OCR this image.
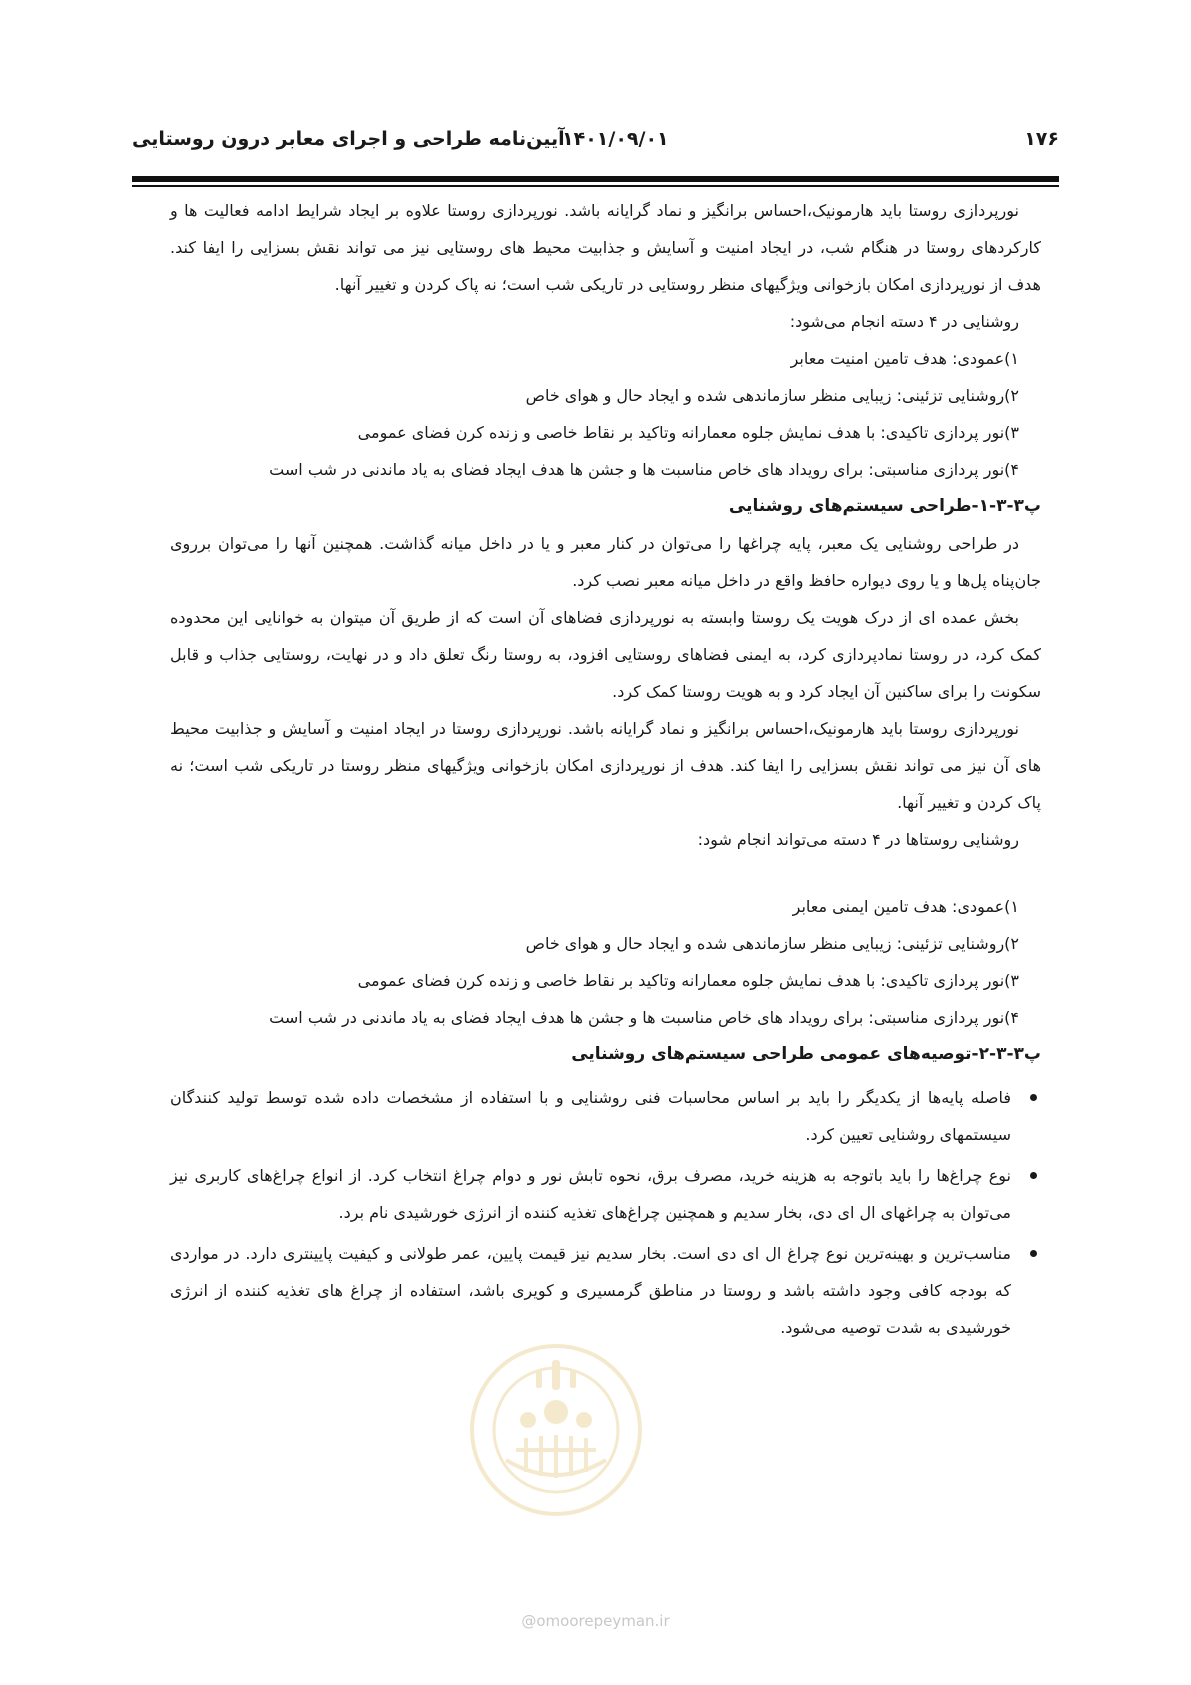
آیین‌نامه طراحی و اجرای معابر درون روستایی
۱۴۰۱/۰۹/۰۱	۱۷۶

نورپردازی روستا باید هارمونیک،احساس برانگیز و نماد گرایانه باشد. نورپردازی روستا علاوه بر ایجاد شرایط ادامه فعالیت ها و کارکردهای روستا در هنگام شب، در ایجاد امنیت و آسایش و جذابیت محیط های روستایی نیز می تواند نقش بسزایی را ایفا کند. هدف از نورپردازی امکان بازخوانی ویژگیهای منظر روستایی در تاریکی شب است؛ نه پاک کردن و تغییر آنها.

روشنایی در ۴ دسته انجام می‌شود:

۱)عمودی: هدف تامین امنیت معابر

۲)روشنایی تزئینی: زیبایی منظر سازماندهی شده و ایجاد حال و هوای خاص

۳)نور پردازی تاکیدی: با هدف نمایش جلوه معمارانه وتاکید بر نقاط خاصی و زنده کرن فضای عمومی

۴)نور پردازی مناسبتی: برای رویداد های خاص مناسبت ها و جشن ها هدف ایجاد فضای به یاد ماندنی در شب است

پ۳-۳-۱-طراحی سیستم‌های روشنایی

در طراحی روشنایی یک معبر، پایه چراغها را می‌توان در کنار معبر و یا در داخل میانه گذاشت. همچنین آنها را می‌توان برروی جان‌پناه پل‌ها و یا روی دیواره حافظ واقع در داخل میانه معبر نصب کرد.

بخش عمده ای از درک هویت یک روستا وابسته به نورپردازی فضاهای آن است که از طریق آن میتوان به خوانایی این محدوده کمک کرد، در روستا نمادپردازی کرد، به ایمنی فضاهای روستایی افزود، به روستا رنگ تعلق داد و در نهایت، روستایی جذاب و قابل سکونت را برای ساکنین آن ایجاد کرد و به هویت روستا کمک کرد.

نورپردازی روستا باید هارمونیک،احساس برانگیز و نماد گرایانه باشد. نورپردازی روستا در ایجاد امنیت و آسایش و جذابیت محیط های آن نیز می تواند نقش بسزایی را ایفا کند. هدف از نورپردازی امکان بازخوانی ویژگیهای منظر روستا در تاریکی شب است؛ نه پاک کردن و تغییر آنها.

روشنایی روستاها در ۴ دسته می‌تواند انجام شود:

۱)عمودی: هدف تامین ایمنی معابر

۲)روشنایی تزئینی: زیبایی منظر سازماندهی شده و ایجاد حال و هوای خاص

۳)نور پردازی تاکیدی: با هدف نمایش جلوه معمارانه وتاکید بر نقاط خاصی و زنده کرن فضای عمومی

۴)نور پردازی مناسبتی: برای رویداد های خاص مناسبت ها و جشن ها هدف ایجاد فضای به یاد ماندنی در شب است

پ۳-۳-۲-توصیه‌های عمومی طراحی سیستم‌های روشنایی

فاصله پایه‌ها از یکدیگر را باید بر اساس محاسبات فنی روشنایی و با استفاده از مشخصات داده شده توسط تولید کنندگان سیستمهای روشنایی تعیین کرد.
نوع چراغ‌ها را باید باتوجه به هزینه خرید، مصرف برق، نحوه تابش نور و دوام چراغ انتخاب کرد. از انواع چراغ‌های کاربری نیز می‌توان به چراغهای ال ای دی، بخار سدیم و همچنین چراغ‌های تغذیه کننده از انرژی خورشیدی نام برد.
مناسب‌ترین و بهینه‌ترین نوع چراغ ال ای دی است. بخار سدیم نیز قیمت پایین، عمر طولانی و کیفیت پایینتری دارد. در مواردی که بودجه کافی وجود داشته باشد و روستا در مناطق گرمسیری و کویری باشد، استفاده از چراغ های تغذیه کننده از انرژی خورشیدی به شدت توصیه می‌شود.
@omoorepeyman.ir
